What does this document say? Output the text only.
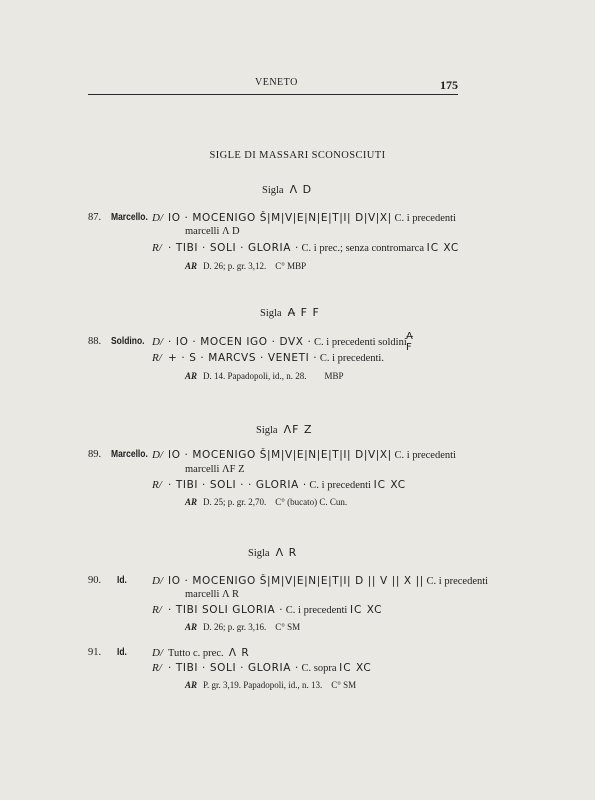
VENETO	175
SIGLE DI MASSARI SCONOSCIUTI
Sigla Λ D
87. Marcello. D/ IO · MOCENIGO Š|M|V|E|N|E|T|I| D|V|X| C. i precedenti
marcelli Λ D
R/ · TIBI · SOLI · GLORIA · C. i prec.; senza contromarca IC XC
AR D. 26; p. gr. 3,12. C° MBP
Sigla Ʌ̶ F F
88. Soldino. D/ · IO · MOCEN IGO · DVX · C. i precedenti soldini
Ʌ̶
F
R/ + · S · MARCVS · VENETI · C. i precedenti.
AR D. 14. Papadopoli, id., n. 28. MBP
Sigla ΛF Z
89. Marcello. D/ IO · MOCENIGO Š|M|V|E|N|E|T|I| D|V|X| C. i precedenti
marcelli ΛF Z
R/ · TIBI · SOLI · · GLORIA · C. i precedenti IC XC
AR D. 25; p. gr. 2,70. C° (bucato) C. Cun.
Sigla Λ R
90. Id. D/ IO · MOCENIGO Š|M|V|E|N|E|T|I| D || V || X || C. i precedenti
marcelli Λ R
R/ · TIBI SOLI GLORIA · C. i precedenti IC XC
AR D. 26; p. gr. 3,16. C° SM
91. Id. D/ Tutto c. prec. Λ R
R/ · TIBI · SOLI · GLORIA · C. sopra IC XC
AR P. gr. 3,19. Papadopoli, id., n. 13. C° SM
